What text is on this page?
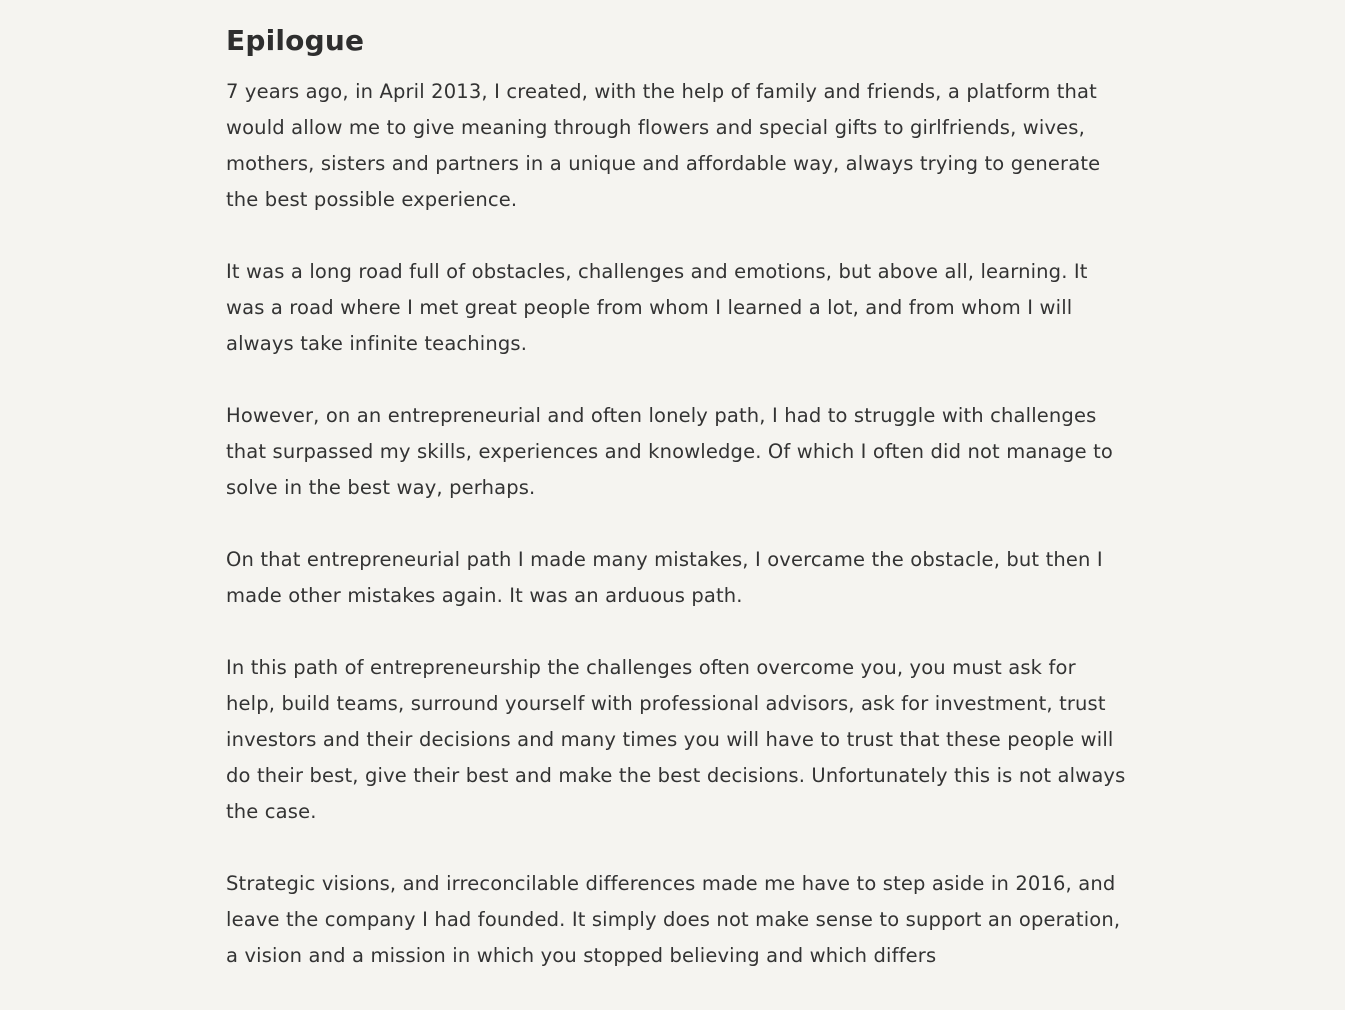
Epilogue

7 years ago, in April 2013, I created, with the help of family and friends, a platform that would allow me to give meaning through flowers and special gifts to girlfriends, wives, mothers, sisters and partners in a unique and affordable way, always trying to generate the best possible experience.

It was a long road full of obstacles, challenges and emotions, but above all, learning. It was a road where I met great people from whom I learned a lot, and from whom I will always take infinite teachings.

However, on an entrepreneurial and often lonely path, I had to struggle with challenges that surpassed my skills, experiences and knowledge. Of which I often did not manage to solve in the best way, perhaps.

On that entrepreneurial path I made many mistakes, I overcame the obstacle, but then I made other mistakes again. It was an arduous path.

In this path of entrepreneurship the challenges often overcome you, you must ask for help, build teams, surround yourself with professional advisors, ask for investment, trust investors and their decisions and many times you will have to trust that these people will do their best, give their best and make the best decisions. Unfortunately this is not always the case.

Strategic visions, and irreconcilable differences made me have to step aside in 2016, and leave the company I had founded. It simply does not make sense to support an operation, a vision and a mission in which you stopped believing and which differs
